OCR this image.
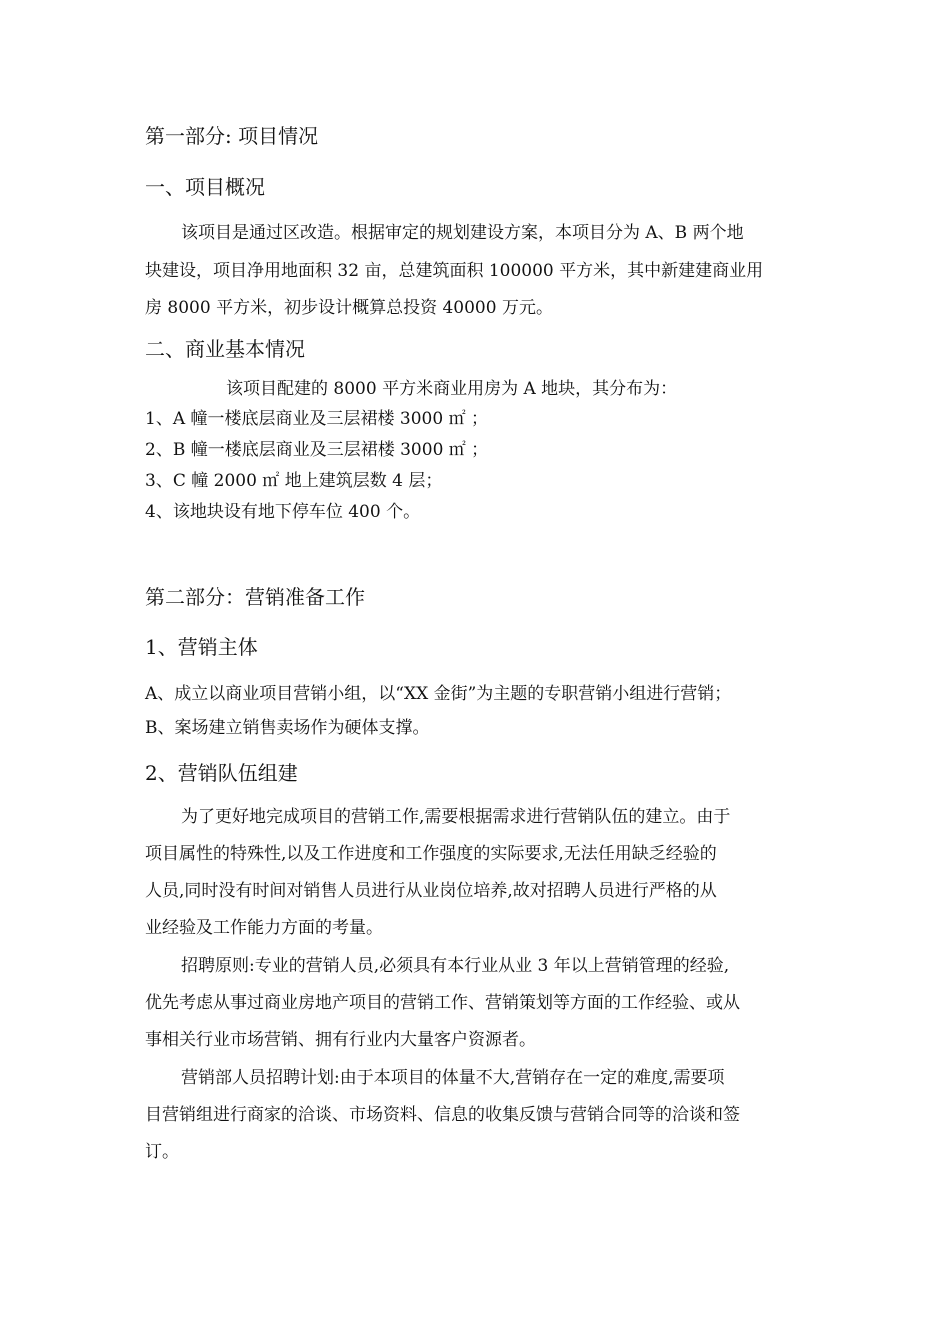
第一部分: 项目情况
一、项目概况
该项目是通过区改造。根据审定的规划建设方案，本项目分为 A、B 两个地
块建设，项目净用地面积 32 亩，总建筑面积 100000 平方米，其中新建建商业用
房 8000 平方米，初步设计概算总投资 40000 万元。
二、商业基本情况
该项目配建的 8000 平方米商业用房为 A 地块，其分布为：
1、A 幢一楼底层商业及三层裙楼 3000 ㎡ ；
2、B 幢一楼底层商业及三层裙楼 3000 ㎡ ；
3、C 幢 2000 ㎡ 地上建筑层数 4 层；
4、该地块设有地下停车位 400 个。
第二部分：营销准备工作
1、营销主体
A、成立以商业项目营销小组，以“XX 金街”为主题的专职营销小组进行营销；
B、案场建立销售卖场作为硬体支撑。
2、营销队伍组建
为了更好地完成项目的营销工作,需要根据需求进行营销队伍的建立。由于
项目属性的特殊性,以及工作进度和工作强度的实际要求,无法任用缺乏经验的
人员,同时没有时间对销售人员进行从业岗位培养,故对招聘人员进行严格的从
业经验及工作能力方面的考量。
招聘原则:专业的营销人员,必须具有本行业从业 3 年以上营销管理的经验,
优先考虑从事过商业房地产项目的营销工作、营销策划等方面的工作经验、或从
事相关行业市场营销、拥有行业内大量客户资源者。
营销部人员招聘计划:由于本项目的体量不大,营销存在一定的难度,需要项
目营销组进行商家的洽谈、市场资料、信息的收集反馈与营销合同等的洽谈和签
订。
